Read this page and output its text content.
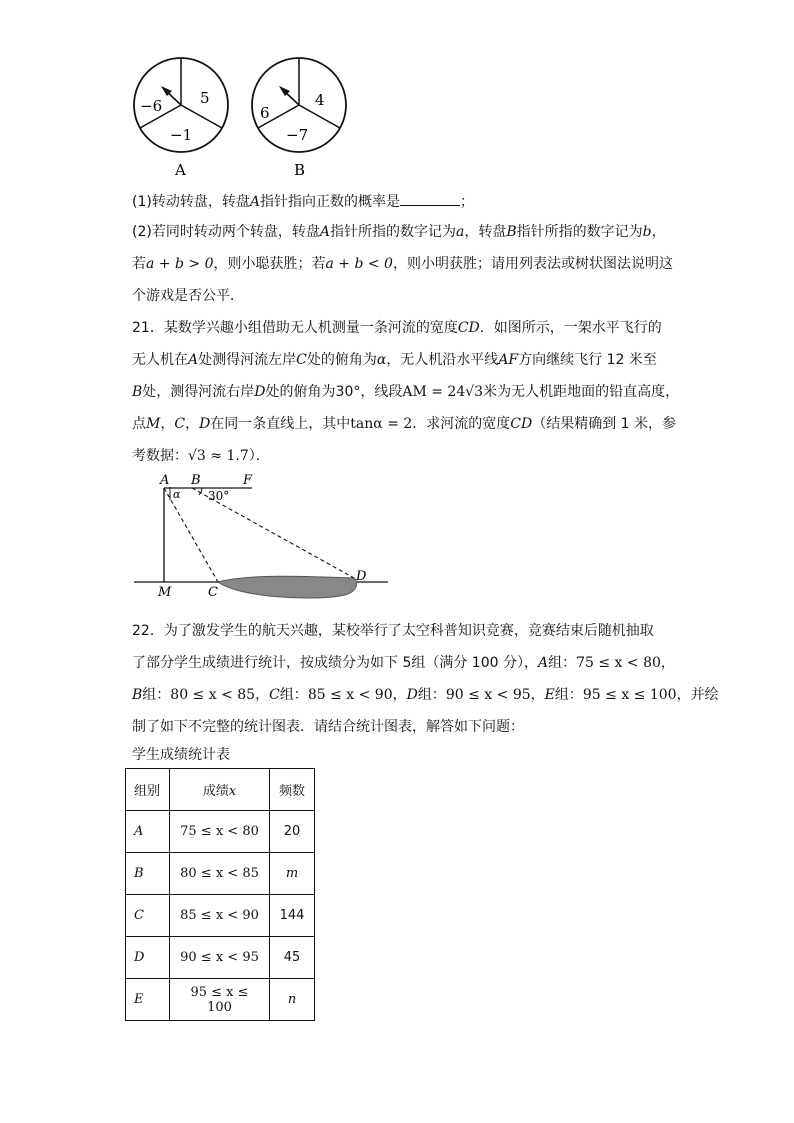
−6	5
−1
A
6
4
−7
B
(1)转动转盘，转盘A指针指向正数的概率是	；
(2)若同时转动两个转盘，转盘A指针所指的数字记为a，转盘B指针所指的数字记为b，
若a + b > 0，则小聪获胜；若a + b < 0，则小明获胜；请用列表法或树状图法说明这
个游戏是否公平．
21．某数学兴趣小组借助无人机测量一条河流的宽度CD．如图所示，一架水平飞行的
无人机在A处测得河流左岸C处的俯角为α，无人机沿水平线AF方向继续飞行 12 米至
B处，测得河流右岸D处的俯角为30°，线段AM = 24√3米为无人机距地面的铅直高度，
点M，C，D在同一条直线上，其中tanα = 2．求河流的宽度CD（结果精确到 1 米，参
考数据：√3 ≈ 1.7）．
A B	F
α 30°
M	C
D
22．为了激发学生的航天兴趣，某校举行了太空科普知识竞赛，竞赛结束后随机抽取
了部分学生成绩进行统计，按成绩分为如下 5组（满分 100 分），A组：75 ≤ x < 80，
B组：80 ≤ x < 85，C组：85 ≤ x < 90，D组：90 ≤ x < 95，E组：95 ≤ x ≤ 100，并绘
制了如下不完整的统计图表．请结合统计图表，解答如下问题：
学生成绩统计表
组别	成绩x	频数
A	75 ≤ x < 80	20
B	80 ≤ x < 85	m
C	85 ≤ x < 90	144
D	90 ≤ x < 95	45
E	95 ≤ x ≤ 100	n
